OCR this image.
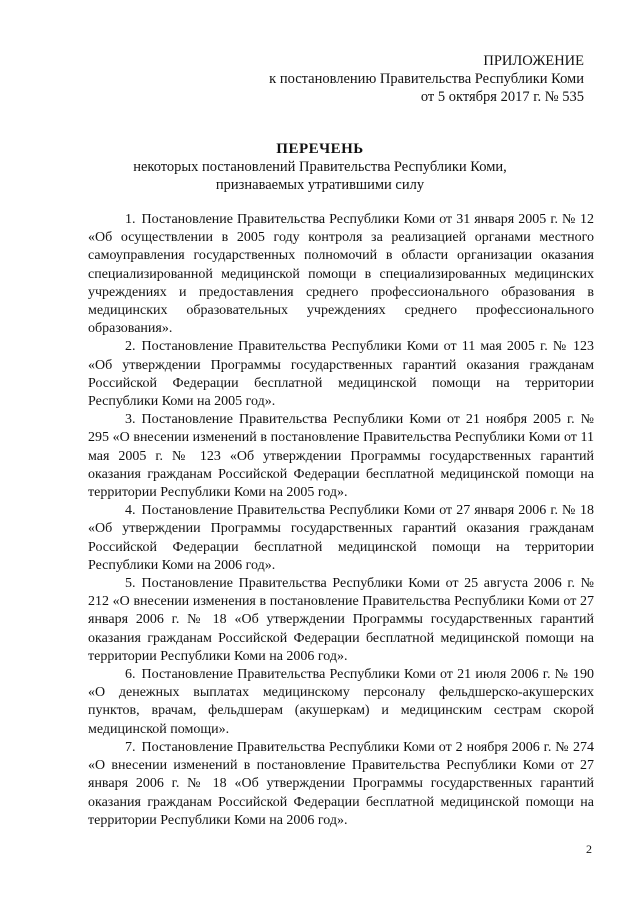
ПРИЛОЖЕНИЕ
к постановлению Правительства Республики Коми
от 5 октября 2017 г. № 535
ПЕРЕЧЕНЬ
некоторых постановлений Правительства Республики Коми,
признаваемых утратившими силу

1. Постановление Правительства Республики Коми от 31 января 2005 г. № 12 «Об осуществлении в 2005 году контроля за реализацией органами местного самоуправления государственных полномочий в области организации оказания специализированной медицинской помощи в специализированных медицинских учреждениях и предоставления среднего профессионального образования в медицинских образовательных учреждениях среднего профессионального образования».

2. Постановление Правительства Республики Коми от 11 мая 2005 г. № 123 «Об утверждении Программы государственных гарантий оказания гражданам Российской Федерации бесплатной медицинской помощи на территории Республики Коми на 2005 год».

3. Постановление Правительства Республики Коми от 21 ноября 2005 г. № 295 «О внесении изменений в постановление Правительства Республики Коми от 11 мая 2005 г. № 123 «Об утверждении Программы государственных гарантий оказания гражданам Российской Федерации бесплатной медицинской помощи на территории Республики Коми на 2005 год».

4. Постановление Правительства Республики Коми от 27 января 2006 г. № 18 «Об утверждении Программы государственных гарантий оказания гражданам Российской Федерации бесплатной медицинской помощи на территории Республики Коми на 2006 год».

5. Постановление Правительства Республики Коми от 25 августа 2006 г. № 212 «О внесении изменения в постановление Правительства Республики Коми от 27 января 2006 г. № 18 «Об утверждении Программы государственных гарантий оказания гражданам Российской Федерации бесплатной медицинской помощи на территории Республики Коми на 2006 год».

6. Постановление Правительства Республики Коми от 21 июля 2006 г. № 190 «О денежных выплатах медицинскому персоналу фельдшерско-акушерских пунктов, врачам, фельдшерам (акушеркам) и медицинским сестрам скорой медицинской помощи».

7. Постановление Правительства Республики Коми от 2 ноября 2006 г. № 274 «О внесении изменений в постановление Правительства Республики Коми от 27 января 2006 г. № 18 «Об утверждении Программы государственных гарантий оказания гражданам Российской Федерации бесплатной медицинской помощи на территории Республики Коми на 2006 год».

2
